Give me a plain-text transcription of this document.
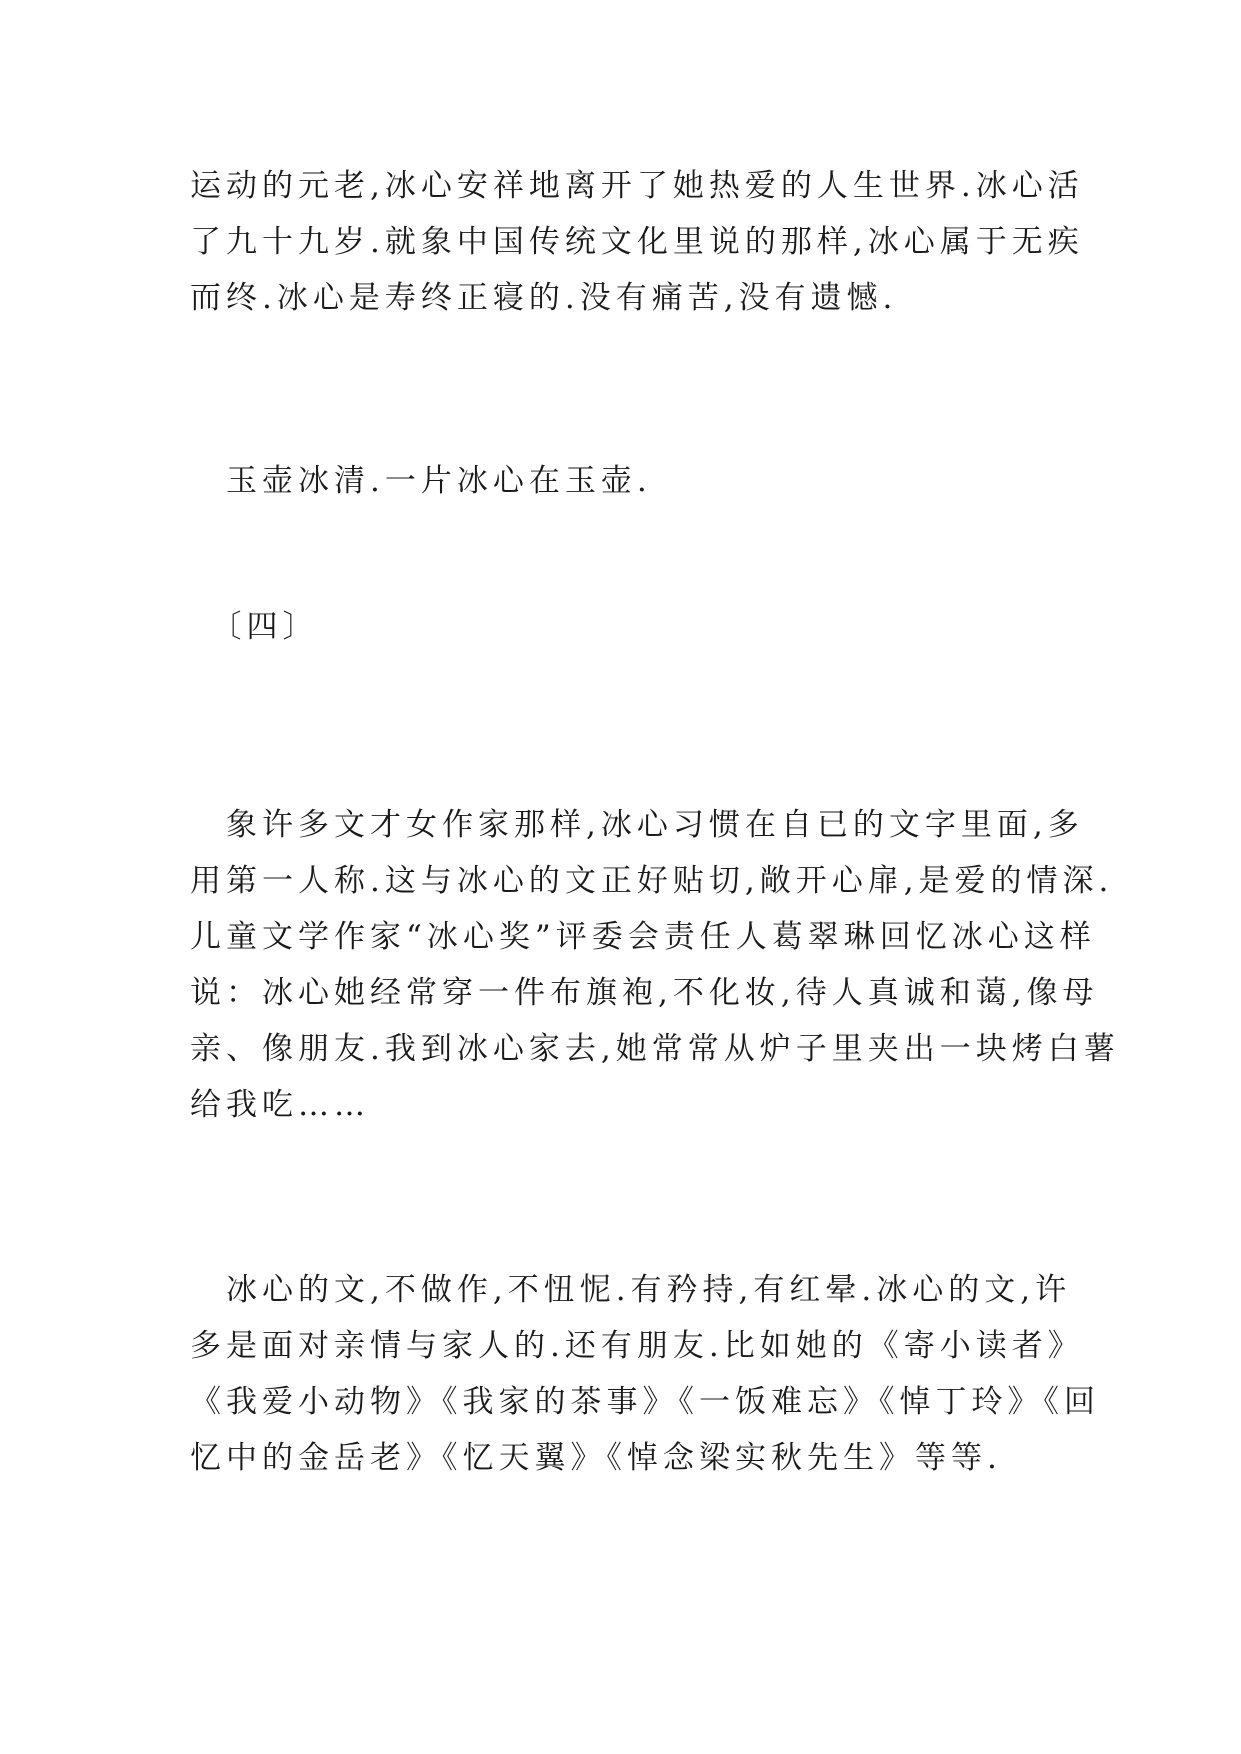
运动的元老,冰心安祥地离开了她热爱的人生世界.冰心活
了九十九岁.就象中国传统文化里说的那样,冰心属于无疾
而终.冰心是寿终正寝的.没有痛苦,没有遗憾.
　玉壶冰清.一片冰心在玉壶.
　〔四〕
　象许多文才女作家那样,冰心习惯在自已的文字里面,多
用第一人称.这与冰心的文正好贴切,敞开心扉,是爱的情深.
儿童文学作家“冰心奖”评委会责任人葛翠琳回忆冰心这样
说：冰心她经常穿一件布旗袍,不化妆,待人真诚和蔼,像母
亲、像朋友.我到冰心家去,她常常从炉子里夹出一块烤白薯
给我吃……
　冰心的文,不做作,不忸怩.有矜持,有红晕.冰心的文,许
多是面对亲情与家人的.还有朋友.比如她的《寄小读者》
《我爱小动物》《我家的茶事》《一饭难忘》《悼丁玲》《回
忆中的金岳老》《忆天翼》《悼念梁实秋先生》等等.
